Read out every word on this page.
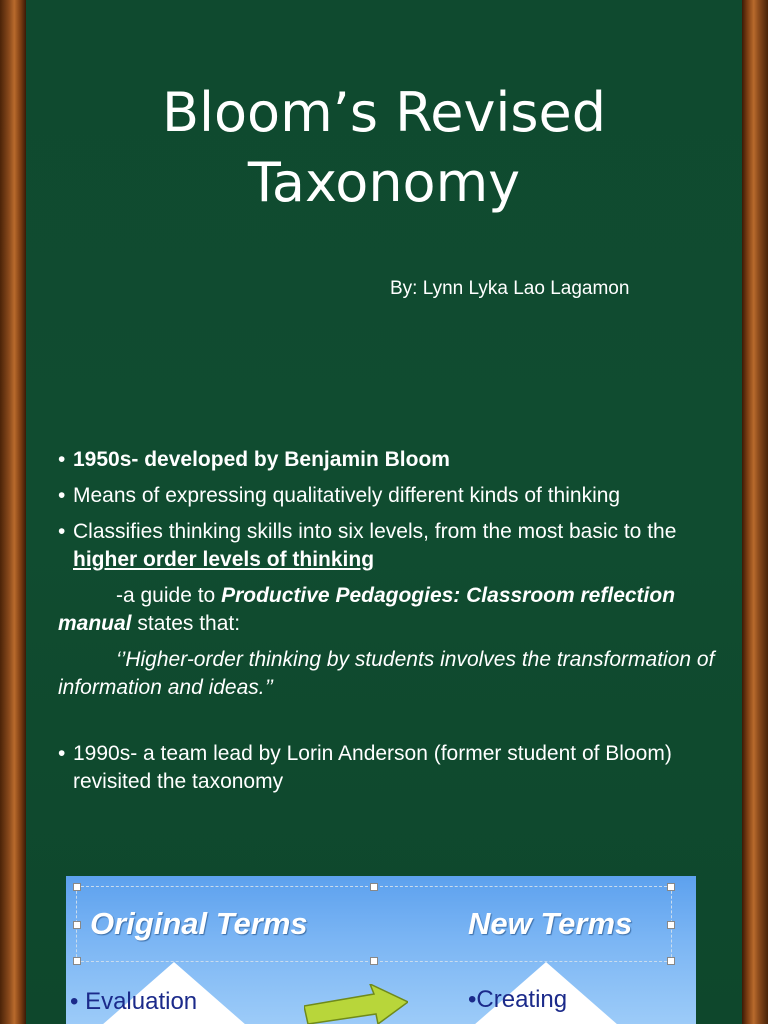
Bloom’s Revised
Taxonomy
By: Lynn Lyka Lao Lagamon
• 1950s- developed by Benjamin Bloom
• Means of expressing qualitatively different kinds of thinking
• Classifies thinking skills into six levels, from the most basic to the higher order levels of thinking
-a guide to Productive Pedagogies: Classroom reflection manual states that:
‘’Higher-order thinking by students involves the transformation of information and ideas.’’
• 1990s- a team lead by Lorin Anderson (former student of Bloom) revisited the taxonomy
Original Terms	New Terms
• Evaluation	•Creating
